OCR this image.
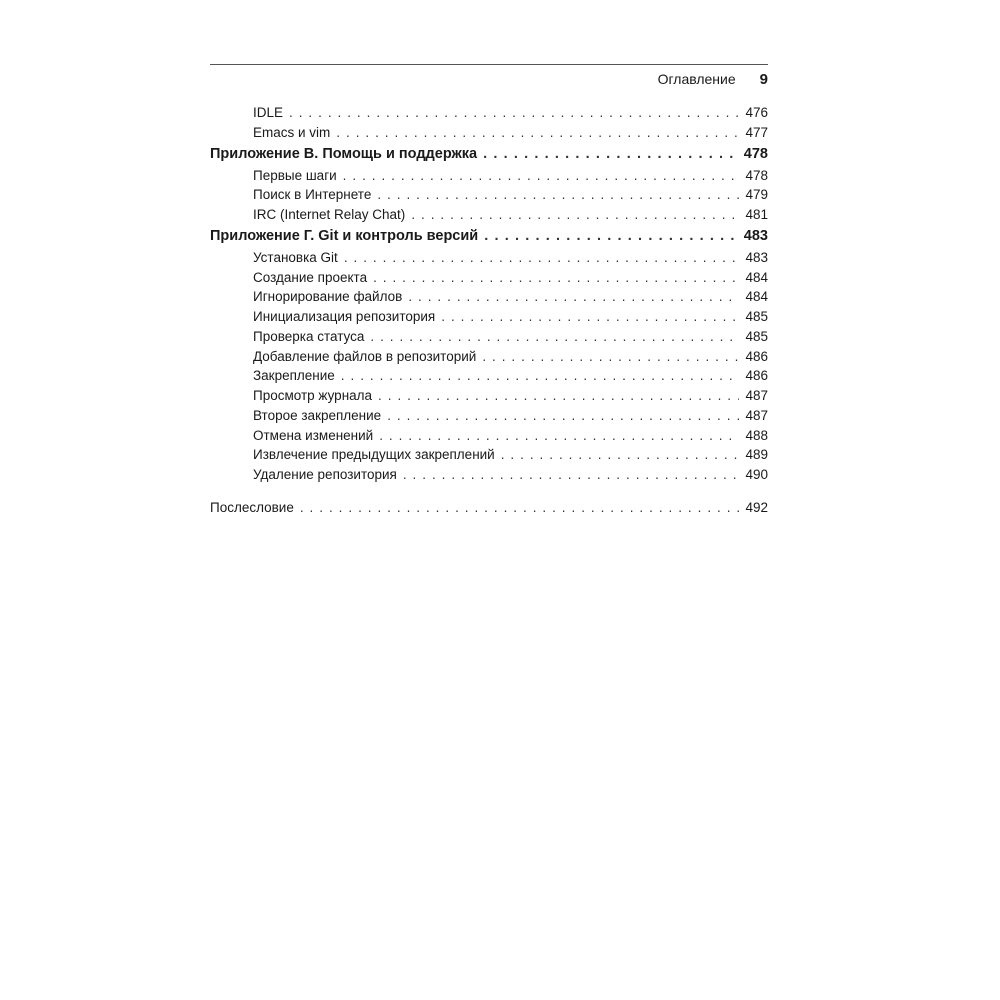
Оглавление 9
IDLE . . .	476
Emacs и vim . . .	477
Приложение В. Помощь и поддержка . . .	478
Первые шаги . . .	478
Поиск в Интернете . . .	479
IRC (Internet Relay Chat) . . .	481
Приложение Г. Git и контроль версий . . .	483
Установка Git . . .	483
Создание проекта . . .	484
Игнорирование файлов . . .	484
Инициализация репозитория . . .	485
Проверка статуса . . .	485
Добавление файлов в репозиторий . . .	486
Закрепление . . .	486
Просмотр журнала . . .	487
Второе закрепление . . .	487
Отмена изменений . . .	488
Извлечение предыдущих закреплений . . .	489
Удаление репозитория . . .	490
Послесловие . . .	492
